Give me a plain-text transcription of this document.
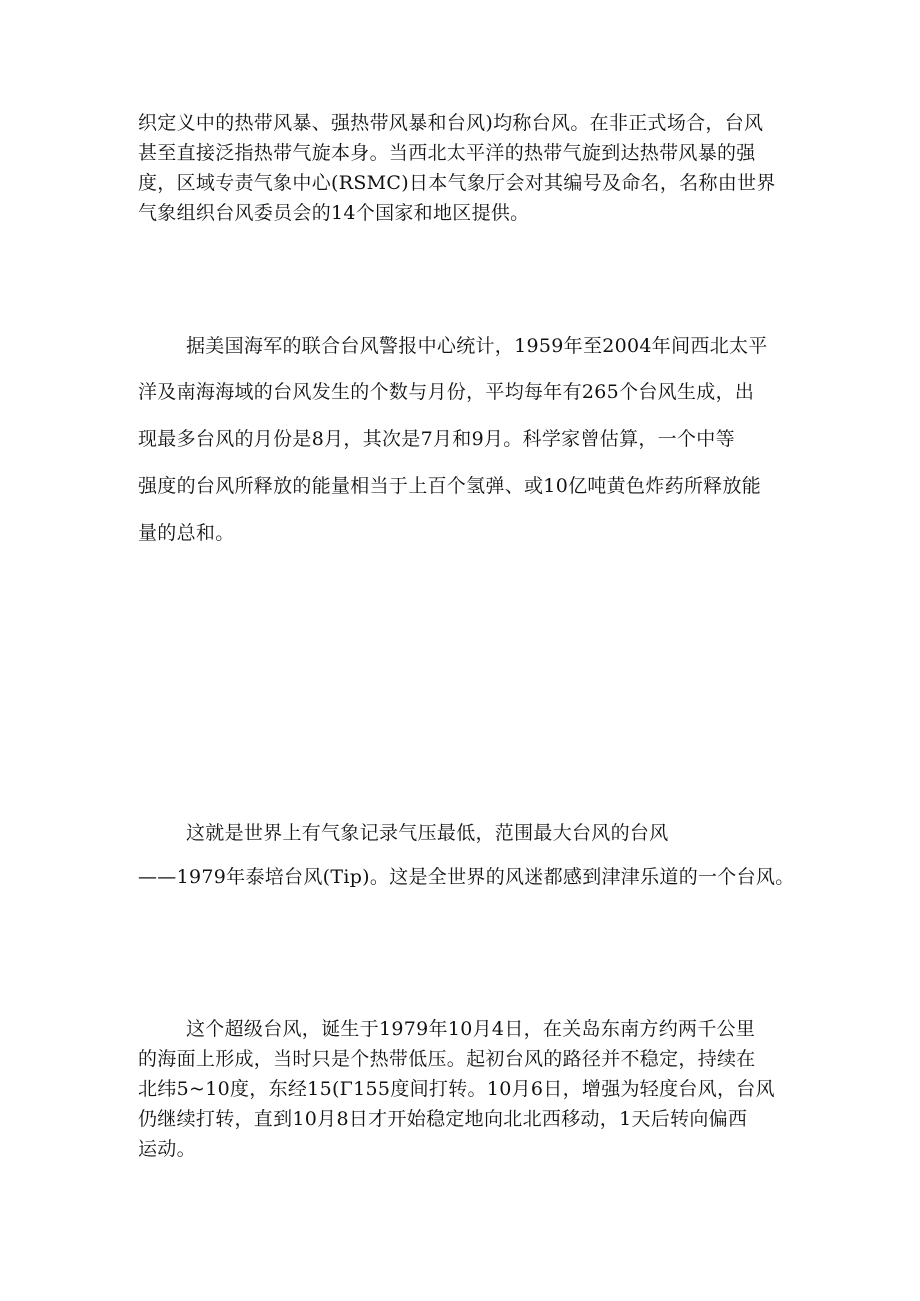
织定义中的热带风暴、强热带风暴和台风)均称台风。在非正式场合，台风
甚至直接泛指热带气旋本身。当西北太平洋的热带气旋到达热带风暴的强
度，区域专责气象中心(RSMC)日本气象厅会对其编号及命名，名称由世界
气象组织台风委员会的14个国家和地区提供。
据美国海军的联合台风警报中心统计，1959年至2004年间西北太平
洋及南海海域的台风发生的个数与月份，平均每年有265个台风生成，出
现最多台风的月份是8月，其次是7月和9月。科学家曾估算，一个中等
强度的台风所释放的能量相当于上百个氢弹、或10亿吨黄色炸药所释放能
量的总和。
这就是世界上有气象记录气压最低，范围最大台风的台风
——1979年泰培台风(Tip)。这是全世界的风迷都感到津津乐道的一个台风。
这个超级台风，诞生于1979年10月4日，在关岛东南方约两千公里
的海面上形成，当时只是个热带低压。起初台风的路径并不稳定，持续在
北纬5~10度，东经15(Γ155度间打转。10月6日，增强为轻度台风，台风
仍继续打转，直到10月8日才开始稳定地向北北西移动，1天后转向偏西
运动。
